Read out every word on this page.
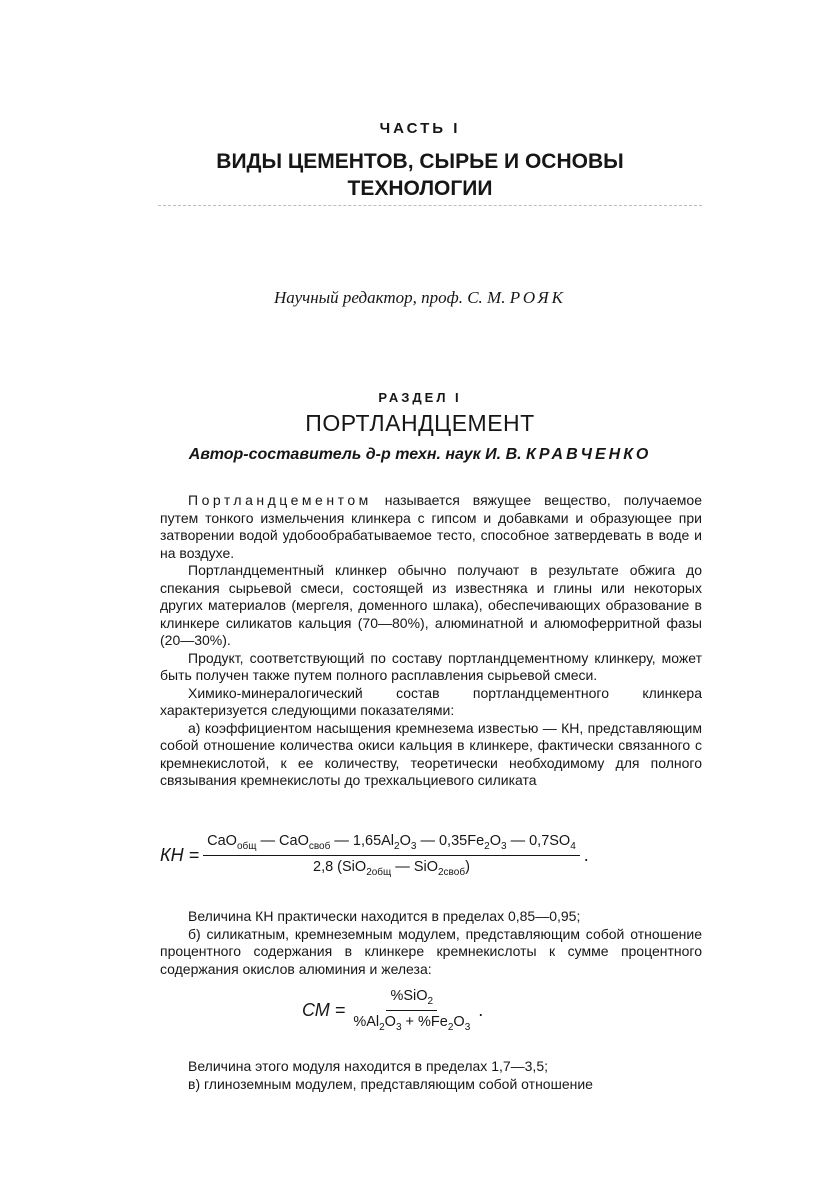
ЧАСТЬ I
ВИДЫ ЦЕМЕНТОВ, СЫРЬЕ И ОСНОВЫ
ТЕХНОЛОГИИ
Научный редактор, проф. С. М. РОЯК
РАЗДЕЛ I
ПОРТЛАНДЦЕМЕНТ
Автор-составитель д-р техн. наук И. В. КРАВЧЕНКО

Портландцементом называется вяжущее вещество, получаемое путем тонкого измельчения клинкера с гипсом и добавками и образующее при затворении водой удобообрабатываемое тесто, способное затвердевать в воде и на воздухе.

Портландцементный клинкер обычно получают в результате обжига до спекания сырьевой смеси, состоящей из известняка и глины или некоторых других материалов (мергеля, доменного шлака), обеспечивающих образование в клинкере силикатов кальция (70—80%), алюминатной и алюмоферритной фазы (20—30%).

Продукт, соответствующий по составу портландцементному клинкеру, может быть получен также путем полного расплавления сырьевой смеси.

Химико-минералогический состав портландцементного клинкера характеризуется следующими показателями:

а) коэффициентом насыщения кремнезема известью — КН, представляющим собой отношение количества окиси кальция в клинкере, фактически связанного с кремнекислотой, к ее количеству, теоретически необходимому для полного связывания кремнекислоты до трехкальциевого силиката

КН = $\frac{CaO_{общ} — CaO_{своб} — 1,65Al_2O_3 — 0,35Fe_2O_3 — 0,7SO_4}{2,8 (SiO_{2общ} — SiO_{2своб})}$ .

Величина КН практически находится в пределах 0,85—0,95;

б) силикатным, кремнеземным модулем, представляющим собой отношение процентного содержания в клинкере кремнекислоты к сумме процентного содержания окислов алюминия и железа:

СМ = $\frac{\%SiO_2}{\%Al_2O_3 + \%Fe_2O_3}$ .

Величина этого модуля находится в пределах 1,7—3,5;

в) глиноземным модулем, представляющим собой отношение
